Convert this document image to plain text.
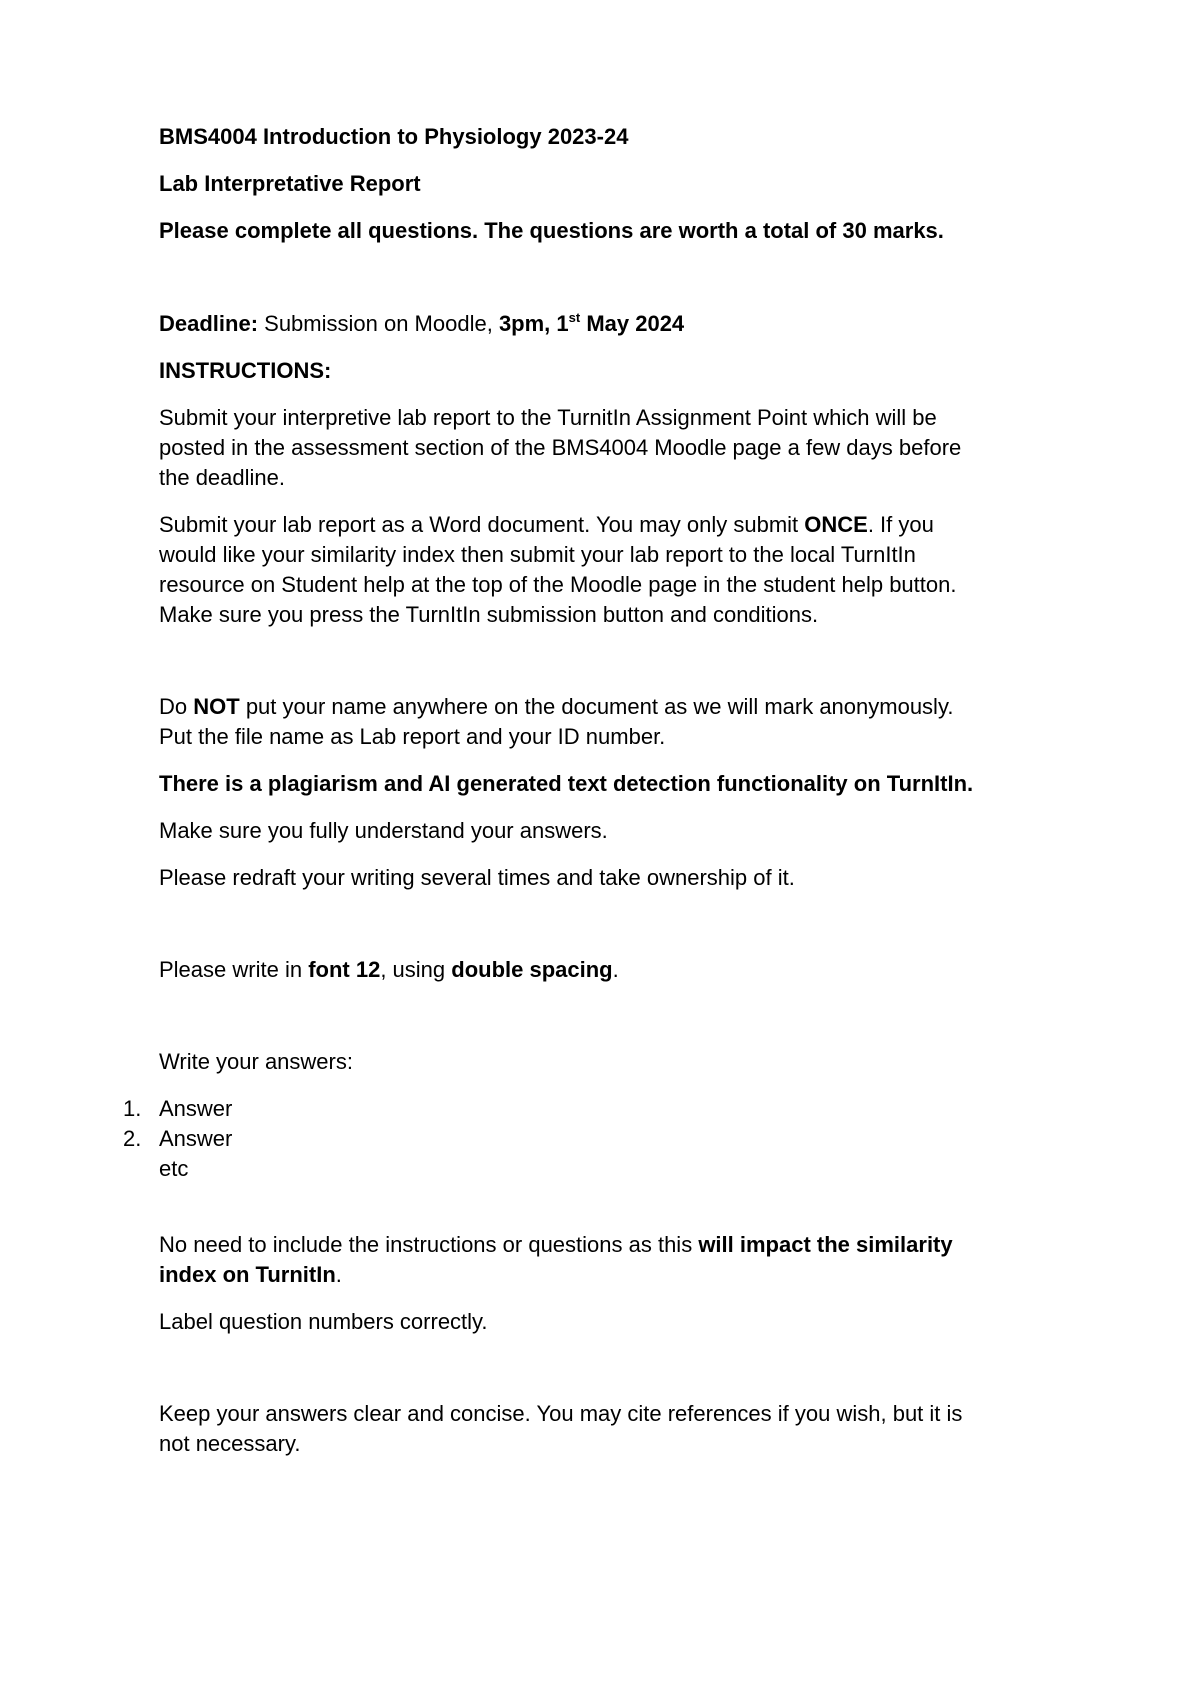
BMS4004 Introduction to Physiology 2023-24

Lab Interpretative Report

Please complete all questions. The questions are worth a total of 30 marks.

Deadline: Submission on Moodle, 3pm, 1st May 2024

INSTRUCTIONS:

Submit your interpretive lab report to the TurnitIn Assignment Point which will be

posted in the assessment section of the BMS4004 Moodle page a few days before

the deadline.

Submit your lab report as a Word document. You may only submit ONCE. If you

would like your similarity index then submit your lab report to the local TurnItIn

resource on Student help at the top of the Moodle page in the student help button.

Make sure you press the TurnItIn submission button and conditions.

Do NOT put your name anywhere on the document as we will mark anonymously.

Put the file name as Lab report and your ID number.

There is a plagiarism and AI generated text detection functionality on TurnItIn.

Make sure you fully understand your answers.

Please redraft your writing several times and take ownership of it.

Please write in font 12, using double spacing.

Write your answers:

1. Answer

2. Answer

etc

No need to include the instructions or questions as this will impact the similarity

index on TurnitIn.

Label question numbers correctly.

Keep your answers clear and concise. You may cite references if you wish, but it is

not necessary.
